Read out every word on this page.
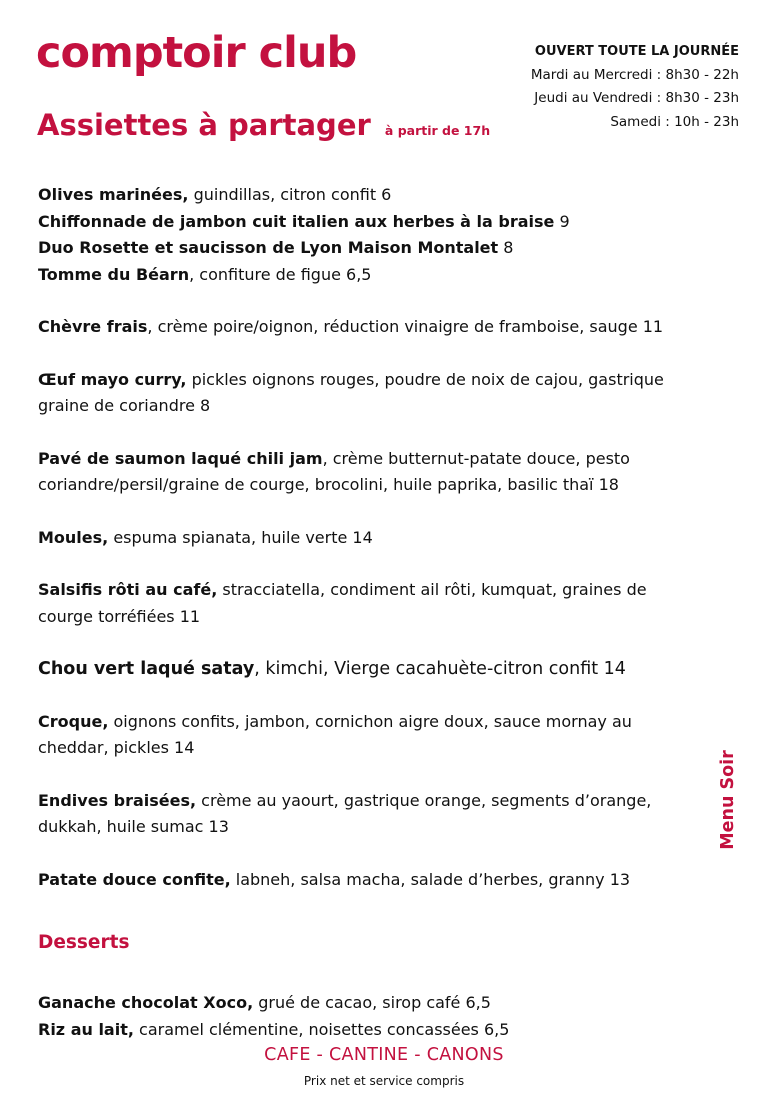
comptoir club	OUVERT TOUTE LA JOURNÉE
Mardi au Mercredi : 8h30 - 22h
Jeudi au Vendredi : 8h30 - 23h
Samedi : 10h - 23h
Assiettes à partager à partir de 17h

Olives marinées, guindillas, citron confit 6

Chiffonnade de jambon cuit italien aux herbes à la braise 9

Duo Rosette et saucisson de Lyon Maison Montalet 8

Tomme du Béarn, confiture de figue 6,5

Chèvre frais, crème poire/oignon, réduction vinaigre de framboise, sauge 11

Œuf mayo curry, pickles oignons rouges, poudre de noix de cajou, gastrique graine de coriandre 8

Pavé de saumon laqué chili jam, crème butternut-patate douce, pesto coriandre/persil/graine de courge, brocolini, huile paprika, basilic thaï 18

Moules, espuma spianata, huile verte 14

Salsifis rôti au café, stracciatella, condiment ail rôti, kumquat, graines de courge torréfiées 11

Chou vert laqué satay, kimchi, Vierge cacahuète-citron confit 14

Croque, oignons confits, jambon, cornichon aigre doux, sauce mornay au cheddar, pickles 14

Endives braisées, crème au yaourt, gastrique orange, segments d’orange, dukkah, huile sumac 13

Patate douce confite, labneh, salsa macha, salade d’herbes, granny 13

Desserts

Ganache chocolat Xoco, grué de cacao, sirop café 6,5

Riz au lait, caramel clémentine, noisettes concassées 6,5

CAFE - CANTINE - CANONS
Prix net et service compris
Menu Soir
